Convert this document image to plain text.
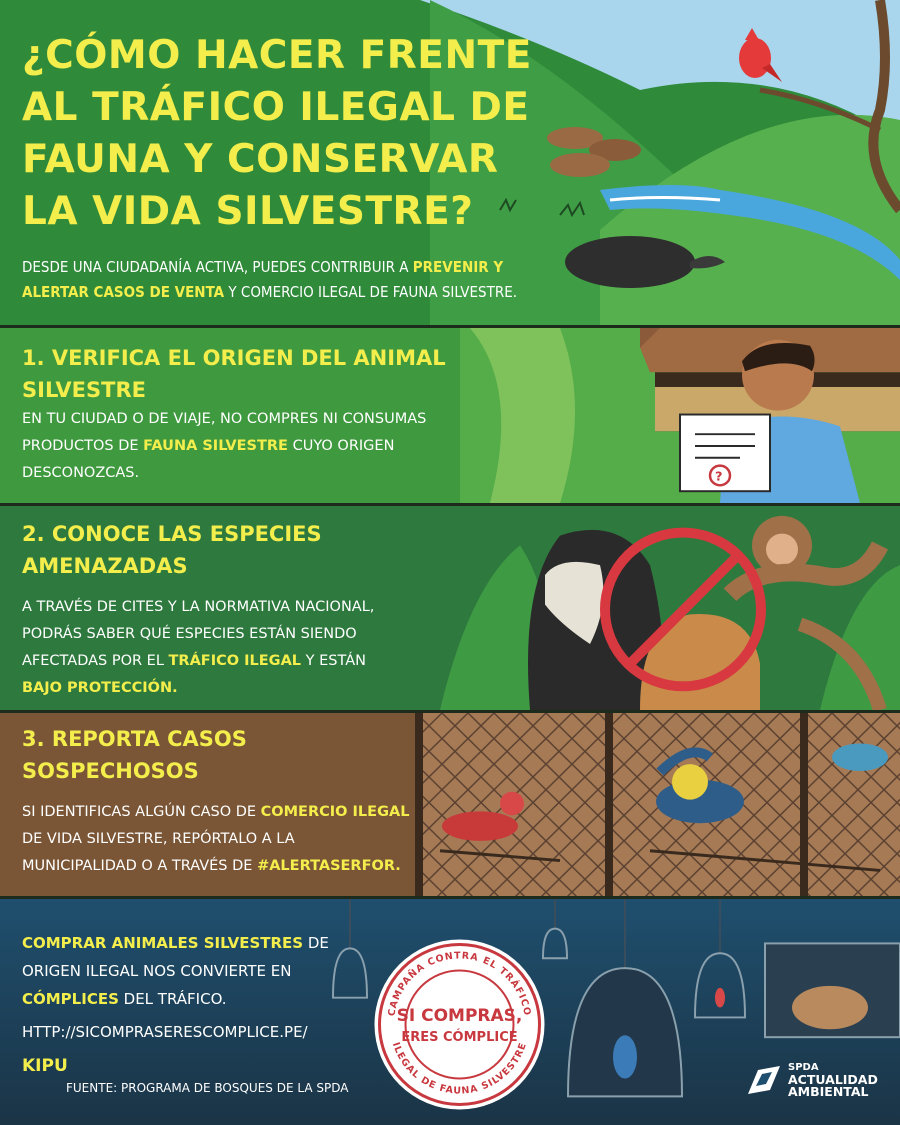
¿CÓMO HACER FRENTE AL TRÁFICO ILEGAL DE FAUNA Y CONSERVAR LA VIDA SILVESTRE?
DESDE UNA CIUDADANÍA ACTIVA, PUEDES CONTRIBUIR A PREVENIR Y ALERTAR CASOS DE VENTA Y COMERCIO ILEGAL DE FAUNA SILVESTRE.
?
1. VERIFICA EL ORIGEN DEL ANIMAL SILVESTRE
EN TU CIUDAD O DE VIAJE, NO COMPRES NI CONSUMAS PRODUCTOS DE FAUNA SILVESTRE CUYO ORIGEN DESCONOZCAS.
2. CONOCE LAS ESPECIES AMENAZADAS
A TRAVÉS DE CITES Y LA NORMATIVA NACIONAL, PODRÁS SABER QUÉ ESPECIES ESTÁN SIENDO AFECTADAS POR EL TRÁFICO ILEGAL Y ESTÁN BAJO PROTECCIÓN.
3. REPORTA CASOS SOSPECHOSOS
SI IDENTIFICAS ALGÚN CASO DE COMERCIO ILEGAL DE VIDA SILVESTRE, REPÓRTALO A LA MUNICIPALIDAD O A TRAVÉS DE #ALERTASERFOR.
COMPRAR ANIMALES SILVESTRES DE ORIGEN ILEGAL NOS CONVIERTE EN CÓMPLICES DEL TRÁFICO.
HTTP://SICOMPRASERESCOMPLICE.PE/
CAMPAÑA CONTRA EL TRÁFICO
ILEGAL DE FAUNA SILVESTRE
SI COMPRAS,
ERES CÓMPLICE
KIPU
FUENTE: PROGRAMA DE BOSQUES DE LA SPDA
SPDA
ACTUALIDAD
AMBIENTAL
